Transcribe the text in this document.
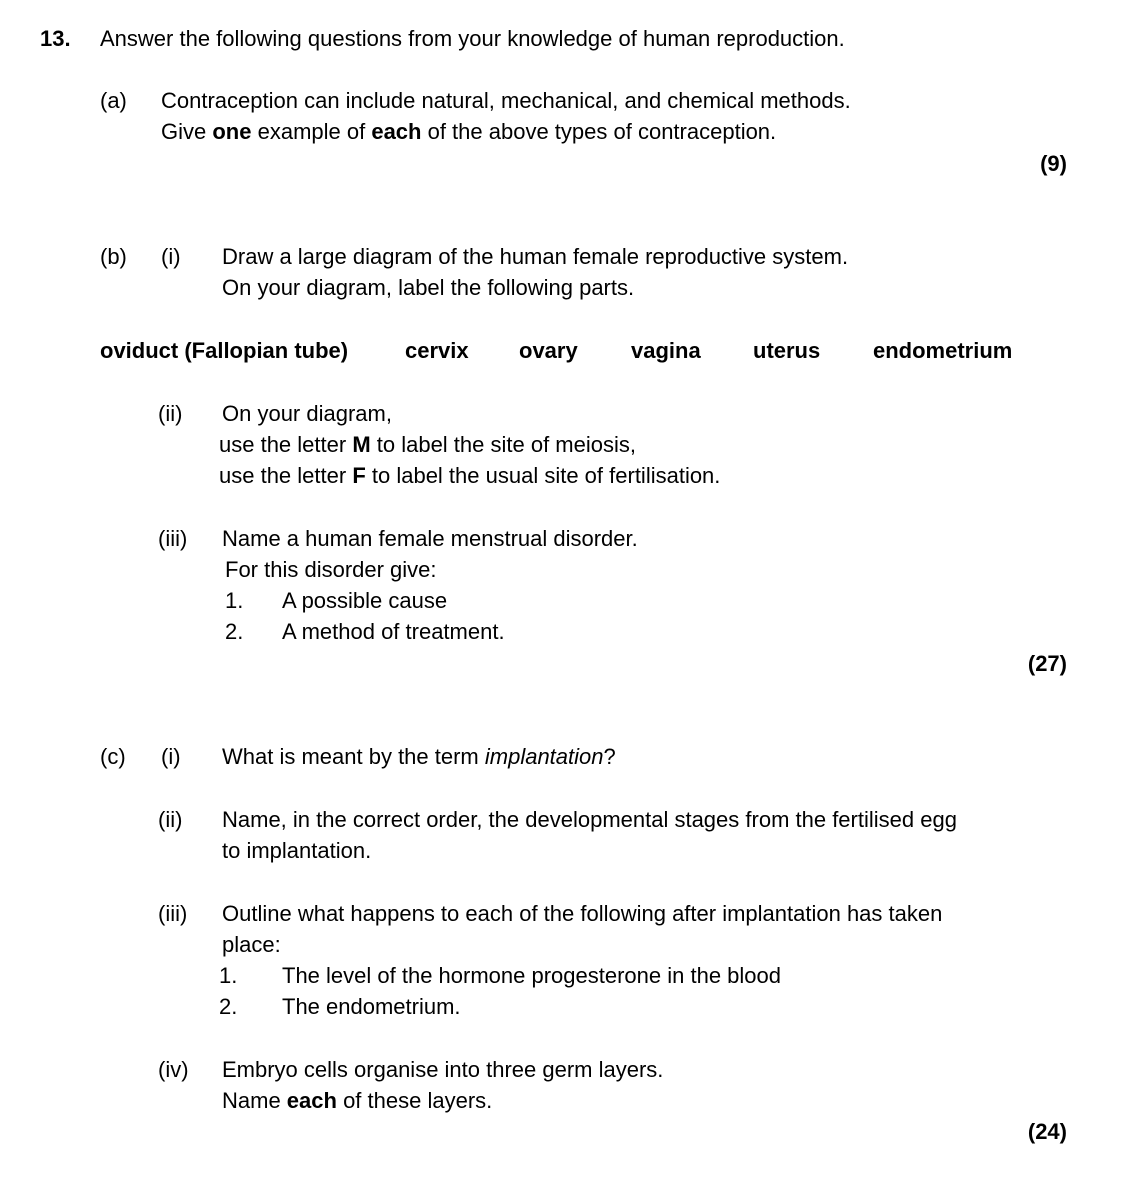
13. Answer the following questions from your knowledge of human reproduction.
(a) Contraception can include natural, mechanical, and chemical methods.
Give one example of each of the above types of contraception.
(9)
(b) (i) Draw a large diagram of the human female reproductive system.
On your diagram, label the following parts.
oviduct (Fallopian tube)	cervix ovary vagina uterus endometrium
(ii) On your diagram,
use the letter M to label the site of meiosis,
use the letter F to label the usual site of fertilisation.
(iii) Name a human female menstrual disorder.
For this disorder give:
1. A possible cause
2. A method of treatment.
(27)
(c) (i) What is meant by the term implantation?
(ii) Name, in the correct order, the developmental stages from the fertilised egg
to implantation.
(iii) Outline what happens to each of the following after implantation has taken
place:
1. The level of the hormone progesterone in the blood
2. The endometrium.
(iv) Embryo cells organise into three germ layers.
Name each of these layers.
(24)
